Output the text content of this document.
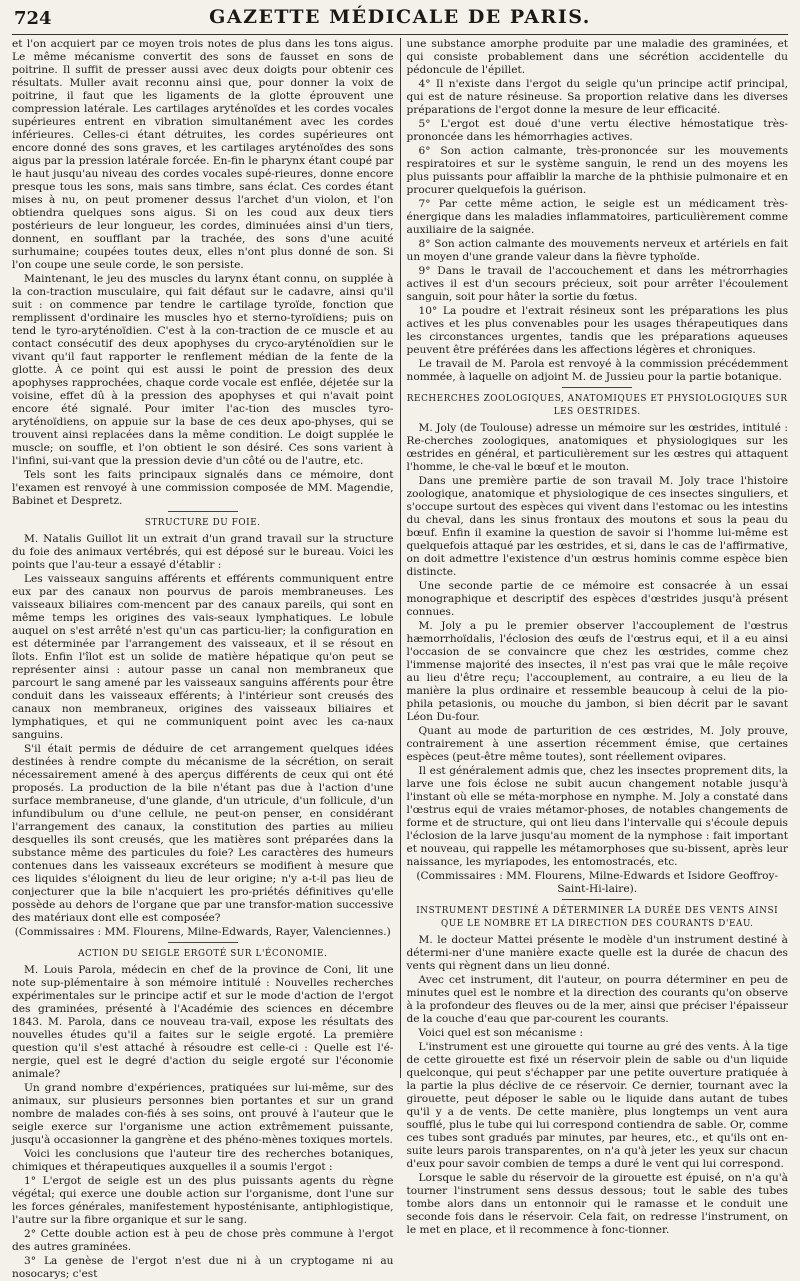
724	GAZETTE MÉDICALE DE PARIS.

et l'on acquiert par ce moyen trois notes de plus dans les tons aigus. Le même mécanisme convertit des sons de fausset en sons de poitrine. Il suffit de presser aussi avec deux doigts pour obtenir ces résultats. Muller avait reconnu ainsi que, pour donner la voix de poitrine, il faut que les ligaments de la glotte éprouvent une compression latérale. Les cartilages aryténoïdes et les cordes vocales supérieures entrent en vibration simultanément avec les cordes inférieures. Celles-ci étant détruites, les cordes supérieures ont encore donné des sons graves, et les cartilages aryténoïdes des sons aigus par la pression latérale forcée. En-fin le pharynx étant coupé par le haut jusqu'au niveau des cordes vocales supé-rieures, donne encore presque tous les sons, mais sans timbre, sans éclat. Ces cordes étant mises à nu, on peut promener dessus l'archet d'un violon, et l'on obtiendra quelques sons aigus. Si on les coud aux deux tiers postérieurs de leur longueur, les cordes, diminuées ainsi d'un tiers, donnent, en soufflant par la trachée, des sons d'une acuité surhumaine; coupées toutes deux, elles n'ont plus donné de son. Si l'on coupe une seule corde, le son persiste.

Maintenant, le jeu des muscles du larynx étant connu, on supplée à la con-traction musculaire, qui fait défaut sur le cadavre, ainsi qu'il suit : on commence par tendre le cartilage tyroïde, fonction que remplissent d'ordinaire les muscles hyo et sterno-tyroïdiens; puis on tend le tyro-aryténoïdien. C'est à la con-traction de ce muscle et au contact consécutif des deux apophyses du cryco-aryténoïdien sur le vivant qu'il faut rapporter le renflement médian de la fente de la glotte. À ce point qui est aussi le point de pression des deux apophyses rapprochées, chaque corde vocale est enflée, déjetée sur la voisine, effet dû à la pression des apophyses et qui n'avait point encore été signalé. Pour imiter l'ac-tion des muscles tyro-aryténoïdiens, on appuie sur la base de ces deux apo-physes, qui se trouvent ainsi replacées dans la même condition. Le doigt supplée le muscle; on souffle, et l'on obtient le son désiré. Ces sons varient à l'infini, sui-vant que la pression devie d'un côté ou de l'autre, etc.

Tels sont les faits principaux signalés dans ce mémoire, dont l'examen est renvoyé à une commission composée de MM. Magendie, Babinet et Despretz.

STRUCTURE DU FOIE.

M. Natalis Guillot lit un extrait d'un grand travail sur la structure du foie des animaux vertébrés, qui est déposé sur le bureau. Voici les points que l'au-teur a essayé d'établir :

Les vaisseaux sanguins afférents et efférents communiquent entre eux par des canaux non pourvus de parois membraneuses. Les vaisseaux biliaires com-mencent par des canaux pareils, qui sont en même temps les origines des vais-seaux lymphatiques. Le lobule auquel on s'est arrêté n'est qu'un cas particu-lier; la configuration en est déterminée par l'arrangement des vaisseaux, et il se résout en îlots. Enfin l'îlot est un solide de matière hépatique qu'on peut se représenter ainsi : autour passe un canal non membraneux que parcourt le sang amené par les vaisseaux sanguins afférents pour être conduit dans les vaisseaux efférents; à l'intérieur sont creusés des canaux non membraneux, origines des vaisseaux biliaires et lymphatiques, et qui ne communiquent point avec les ca-naux sanguins.

S'il était permis de déduire de cet arrangement quelques idées destinées à rendre compte du mécanisme de la sécrétion, on serait nécessairement amené à des aperçus différents de ceux qui ont été proposés. La production de la bile n'étant pas due à l'action d'une surface membraneuse, d'une glande, d'un utricule, d'un follicule, d'un infundibulum ou d'une cellule, ne peut-on penser, en considérant l'arrangement des canaux, la constitution des parties au milieu desquelles ils sont creusés, que les matières sont préparées dans la substance même des particules du foie? Les caractères des humeurs contenues dans les vaisseaux excréteurs se modifient à mesure que ces liquides s'éloignent du lieu de leur origine; n'y a-t-il pas lieu de conjecturer que la bile n'acquiert les pro-priétés définitives qu'elle possède au dehors de l'organe que par une transfor-mation successive des matériaux dont elle est composée?

(Commissaires : MM. Flourens, Milne-Edwards, Rayer, Valenciennes.)

ACTION DU SEIGLE ERGOTÉ SUR L'ÉCONOMIE.

M. Louis Parola, médecin en chef de la province de Coni, lit une note sup-plémentaire à son mémoire intitulé : Nouvelles recherches expérimentales sur le principe actif et sur le mode d'action de l'ergot des graminées, présenté à l'Académie des sciences en décembre 1843. M. Parola, dans ce nouveau tra-vail, expose les résultats des nouvelles études qu'il a faites sur le seigle ergoté. La première question qu'il s'est attaché à résoudre est celle-ci : Quelle est l'é-nergie, quel est le degré d'action du seigle ergoté sur l'économie animale?

Un grand nombre d'expériences, pratiquées sur lui-même, sur des animaux, sur plusieurs personnes bien portantes et sur un grand nombre de malades con-fiés à ses soins, ont prouvé à l'auteur que le seigle exerce sur l'organisme une action extrêmement puissante, jusqu'à occasionner la gangrène et des phéno-mènes toxiques mortels.

Voici les conclusions que l'auteur tire des recherches botaniques, chimiques et thérapeutiques auxquelles il a soumis l'ergot :

1° L'ergot de seigle est un des plus puissants agents du règne végétal; qui exerce une double action sur l'organisme, dont l'une sur les forces générales, manifestement hyposténisante, antiphlogistique, l'autre sur la fibre organique et sur le sang.

2° Cette double action est à peu de chose près commune à l'ergot des autres graminées.

3° La genèse de l'ergot n'est due ni à un cryptogame ni au nosocarys; c'est

une substance amorphe produite par une maladie des graminées, et qui consiste probablement dans une sécrétion accidentelle du pédoncule de l'épillet.

4° Il n'existe dans l'ergot du seigle qu'un principe actif principal, qui est de nature résineuse. Sa proportion relative dans les diverses préparations de l'ergot donne la mesure de leur efficacité.

5° L'ergot est doué d'une vertu élective hémostatique très-prononcée dans les hémorrhagies actives.

6° Son action calmante, très-prononcée sur les mouvements respiratoires et sur le système sanguin, le rend un des moyens les plus puissants pour affaiblir la marche de la phthisie pulmonaire et en procurer quelquefois la guérison.

7° Par cette même action, le seigle est un médicament très-énergique dans les maladies inflammatoires, particulièrement comme auxiliaire de la saignée.

8° Son action calmante des mouvements nerveux et artériels en fait un moyen d'une grande valeur dans la fièvre typhoïde.

9° Dans le travail de l'accouchement et dans les métrorrhagies actives il est d'un secours précieux, soit pour arrêter l'écoulement sanguin, soit pour hâter la sortie du fœtus.

10° La poudre et l'extrait résineux sont les préparations les plus actives et les plus convenables pour les usages thérapeutiques dans les circonstances urgentes, tandis que les préparations aqueuses peuvent être préférées dans les affections légères et chroniques.

Le travail de M. Parola est renvoyé à la commission précédemment nommée, à laquelle on adjoint M. de Jussieu pour la partie botanique.

RECHERCHES ZOOLOGIQUES, ANATOMIQUES ET PHYSIOLOGIQUES SUR LES OESTRIDES.

M. Joly (de Toulouse) adresse un mémoire sur les œstrides, intitulé : Re-cherches zoologiques, anatomiques et physiologiques sur les œstrides en général, et particulièrement sur les œstres qui attaquent l'homme, le che-val le bœuf et le mouton.

Dans une première partie de son travail M. Joly trace l'histoire zoologique, anatomique et physiologique de ces insectes singuliers, et s'occupe surtout des espèces qui vivent dans l'estomac ou les intestins du cheval, dans les sinus frontaux des moutons et sous la peau du bœuf. Enfin il examine la question de savoir si l'homme lui-même est quelquefois attaqué par les œstrides, et si, dans le cas de l'affirmative, on doit admettre l'existence d'un œstrus hominis comme espèce bien distincte.

Une seconde partie de ce mémoire est consacrée à un essai monographique et descriptif des espèces d'œstrides jusqu'à présent connues.

M. Joly a pu le premier observer l'accouplement de l'œstrus hæmorrhoïdalis, l'éclosion des œufs de l'œstrus equi, et il a eu ainsi l'occasion de se convaincre que chez les œstrides, comme chez l'immense majorité des insectes, il n'est pas vrai que le mâle reçoive au lieu d'être reçu; l'accouplement, au contraire, a eu lieu de la manière la plus ordinaire et ressemble beaucoup à celui de la pio-phila petasionis, ou mouche du jambon, si bien décrit par le savant Léon Du-four.

Quant au mode de parturition de ces œstrides, M. Joly prouve, contrairement à une assertion récemment émise, que certaines espèces (peut-être même toutes), sont réellement ovipares.

Il est généralement admis que, chez les insectes proprement dits, la larve une fois éclose ne subit aucun changement notable jusqu'à l'instant où elle se méta-morphose en nymphe. M. Joly a constaté dans l'œstrus equi de vraies métamor-phoses, de notables changements de forme et de structure, qui ont lieu dans l'intervalle qui s'écoule depuis l'éclosion de la larve jusqu'au moment de la nymphose : fait important et nouveau, qui rappelle les métamorphoses que su-bissent, après leur naissance, les myriapodes, les entomostracés, etc.

(Commissaires : MM. Flourens, Milne-Edwards et Isidore Geoffroy-Saint-Hi-laire).

INSTRUMENT DESTINÉ A DÉTERMINER LA DURÉE DES VENTS AINSI QUE LE NOMBRE ET LA DIRECTION DES COURANTS D'EAU.

M. le docteur Mattei présente le modèle d'un instrument destiné à détermi-ner d'une manière exacte quelle est la durée de chacun des vents qui règnent dans un lieu donné.

Avec cet instrument, dit l'auteur, on pourra déterminer en peu de minutes quel est le nombre et la direction des courants qu'on observe à la profondeur des fleuves ou de la mer, ainsi que préciser l'épaisseur de la couche d'eau que par-courent les courants.

Voici quel est son mécanisme :

L'instrument est une girouette qui tourne au gré des vents. À la tige de cette girouette est fixé un réservoir plein de sable ou d'un liquide quelconque, qui peut s'échapper par une petite ouverture pratiquée à la partie la plus déclive de ce réservoir. Ce dernier, tournant avec la girouette, peut déposer le sable ou le liquide dans autant de tubes qu'il y a de vents. De cette manière, plus longtemps un vent aura soufflé, plus le tube qui lui correspond contiendra de sable. Or, comme ces tubes sont gradués par minutes, par heures, etc., et qu'ils ont en-suite leurs parois transparentes, on n'a qu'à jeter les yeux sur chacun d'eux pour savoir combien de temps a duré le vent qui lui correspond.

Lorsque le sable du réservoir de la girouette est épuisé, on n'a qu'à tourner l'instrument sens dessus dessous; tout le sable des tubes tombe alors dans un entonnoir qui le ramasse et le conduit une seconde fois dans le réservoir. Cela fait, on redresse l'instrument, on le met en place, et il recommence à fonc-tionner.
